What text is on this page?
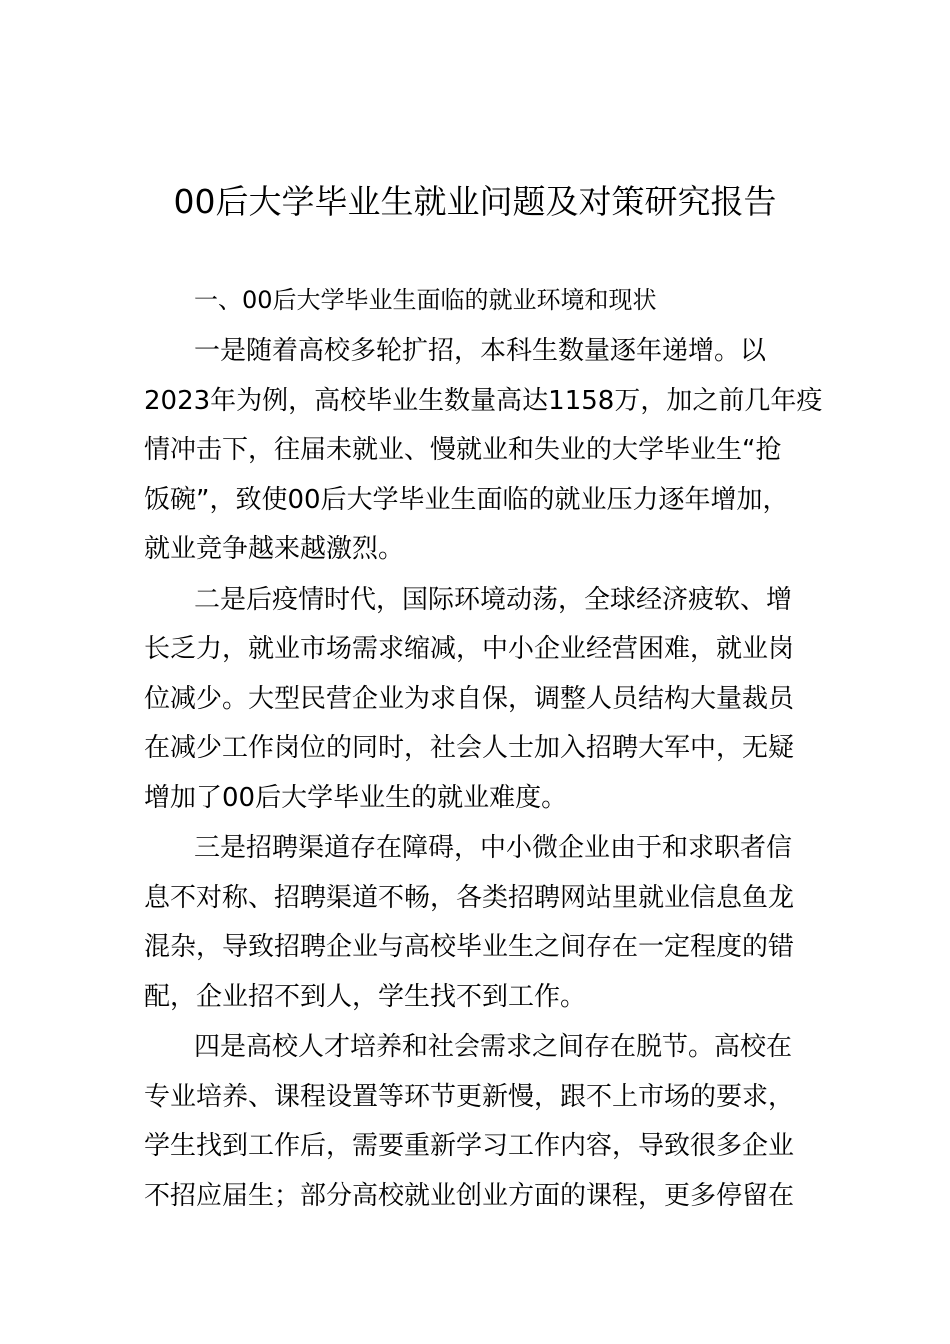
00后大学毕业生就业问题及对策研究报告
一、00后大学毕业生面临的就业环境和现状
一是随着高校多轮扩招，本科生数量逐年递增。以
2023年为例，高校毕业生数量高达1158万，加之前几年疫
情冲击下，往届未就业、慢就业和失业的大学毕业生“抢
饭碗”，致使00后大学毕业生面临的就业压力逐年增加，
就业竞争越来越激烈。
二是后疫情时代，国际环境动荡，全球经济疲软、增
长乏力，就业市场需求缩减，中小企业经营困难，就业岗
位减少。大型民营企业为求自保，调整人员结构大量裁员
在减少工作岗位的同时，社会人士加入招聘大军中，无疑
增加了00后大学毕业生的就业难度。
三是招聘渠道存在障碍，中小微企业由于和求职者信
息不对称、招聘渠道不畅，各类招聘网站里就业信息鱼龙
混杂，导致招聘企业与高校毕业生之间存在一定程度的错
配，企业招不到人，学生找不到工作。
四是高校人才培养和社会需求之间存在脱节。高校在
专业培养、课程设置等环节更新慢，跟不上市场的要求，
学生找到工作后，需要重新学习工作内容，导致很多企业
不招应届生；部分高校就业创业方面的课程，更多停留在
